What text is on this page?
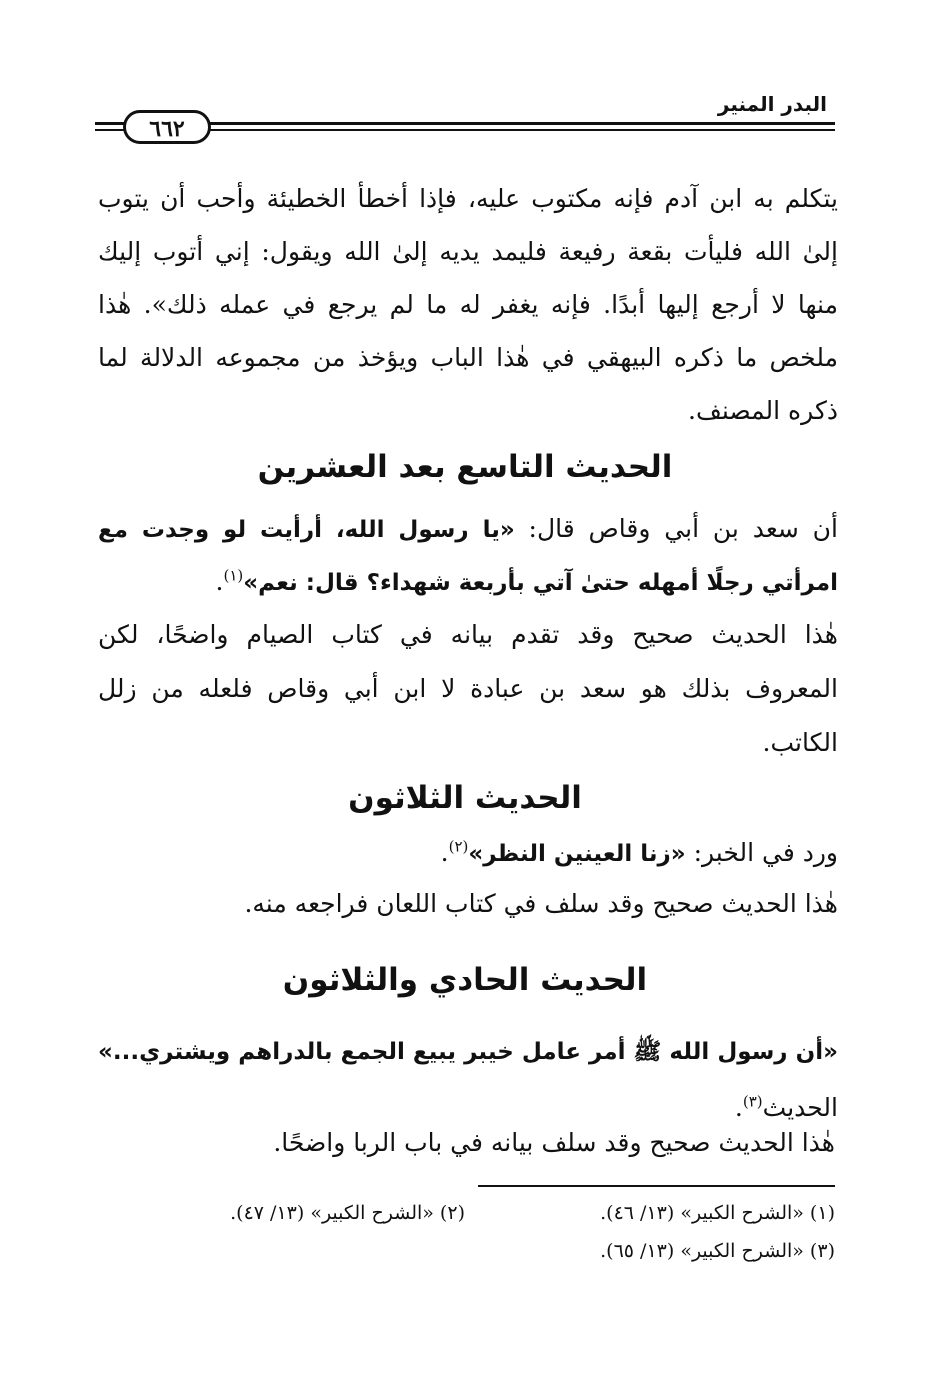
البدر المنير
٦٦٢

يتكلم به ابن آدم فإنه مكتوب عليه، فإذا أخطأ الخطيئة وأحب أن يتوب إلىٰ الله فليأت بقعة رفيعة فليمد يديه إلىٰ الله ويقول: إني أتوب إليك منها لا أرجع إليها أبدًا. فإنه يغفر له ما لم يرجع في عمله ذلك». هٰذا ملخص ما ذكره البيهقي في هٰذا الباب ويؤخذ من مجموعه الدلالة لما ذكره المصنف.

الحديث التاسع بعد العشرين

أن سعد بن أبي وقاص قال: «يا رسول الله، أرأيت لو وجدت مع امرأتي رجلًا أمهله حتىٰ آتي بأربعة شهداء؟ قال: نعم»$^{(١)}$.

هٰذا الحديث صحيح وقد تقدم بيانه في كتاب الصيام واضحًا، لكن المعروف بذلك هو سعد بن عبادة لا ابن أبي وقاص فلعله من زلل الكاتب.

الحديث الثلاثون
ورد في الخبر: «زنا العينين النظر»$^{(٢)}$.
هٰذا الحديث صحيح وقد سلف في كتاب اللعان فراجعه منه.
الحديث الحادي والثلاثون

«أن رسول الله ﷺ أمر عامل خيبر يبيع الجمع بالدراهم ويشتري...» الحديث$^{(٣)}$.

هٰذا الحديث صحيح وقد سلف بيانه في باب الربا واضحًا.
(١) «الشرح الكبير» (١٣/ ٤٦).
(٢) «الشرح الكبير» (١٣/ ٤٧).
(٣) «الشرح الكبير» (١٣/ ٦٥).
